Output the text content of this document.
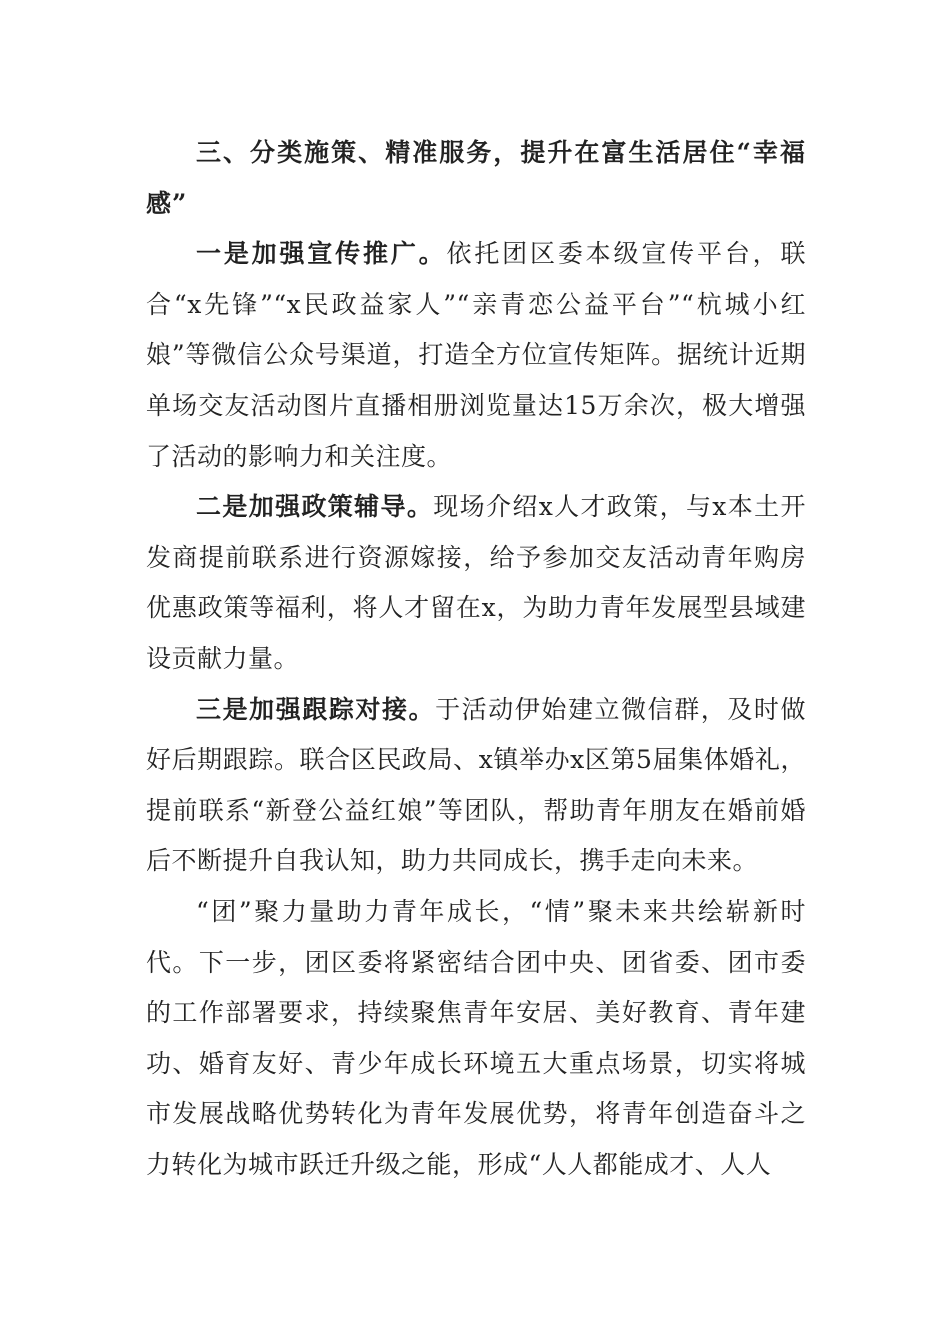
三、分类施策、精准服务，提升在富生活居住“幸福感”

一是加强宣传推广。依托团区委本级宣传平台，联合“x先锋”“x民政益家人”“亲青恋公益平台”“杭城小红娘”等微信公众号渠道，打造全方位宣传矩阵。据统计近期单场交友活动图片直播相册浏览量达15万余次，极大增强了活动的影响力和关注度。

二是加强政策辅导。现场介绍x人才政策，与x本土开发商提前联系进行资源嫁接，给予参加交友活动青年购房优惠政策等福利，将人才留在x，为助力青年发展型县域建设贡献力量。

三是加强跟踪对接。于活动伊始建立微信群，及时做好后期跟踪。联合区民政局、x镇举办x区第5届集体婚礼，提前联系“新登公益红娘”等团队，帮助青年朋友在婚前婚后不断提升自我认知，助力共同成长，携手走向未来。

“团”聚力量助力青年成长，“情”聚未来共绘崭新时代。下一步，团区委将紧密结合团中央、团省委、团市委的工作部署要求，持续聚焦青年安居、美好教育、青年建功、婚育友好、青少年成长环境五大重点场景，切实将城市发展战略优势转化为青年发展优势，将青年创造奋斗之力转化为城市跃迁升级之能，形成“人人都能成才、人人
